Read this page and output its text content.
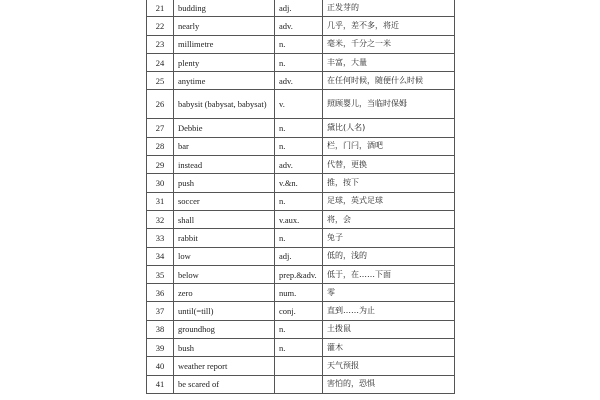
21	budding	adj.	正发芽的
22	nearly	adv.	几乎，差不多，将近
23	millimetre	n.	毫米，千分之一米
24	plenty	n.	丰富，大量
25	anytime	adv.	在任何时候，随便什么时候
26	babysit (babysat, babysat)	v.	照顾婴儿，当临时保姆
27	Debbie	n.	黛比(人名)
28	bar	n.	栏，门闩，酒吧
29	instead	adv.	代替，更换
30	push	v.&n.	推，按下
31	soccer	n.	足球，英式足球
32	shall	v.aux.	将，会
33	rabbit	n.	兔子
34	low	adj.	低的，浅的
35	below	prep.&adv.	低于，在……下面
36	zero	num.	零
37	until(=till)	conj.	直到……为止
38	groundhog	n.	土拨鼠
39	bush	n.	灌木
40	weather report		天气预报
41	be scared of		害怕的，恐惧
